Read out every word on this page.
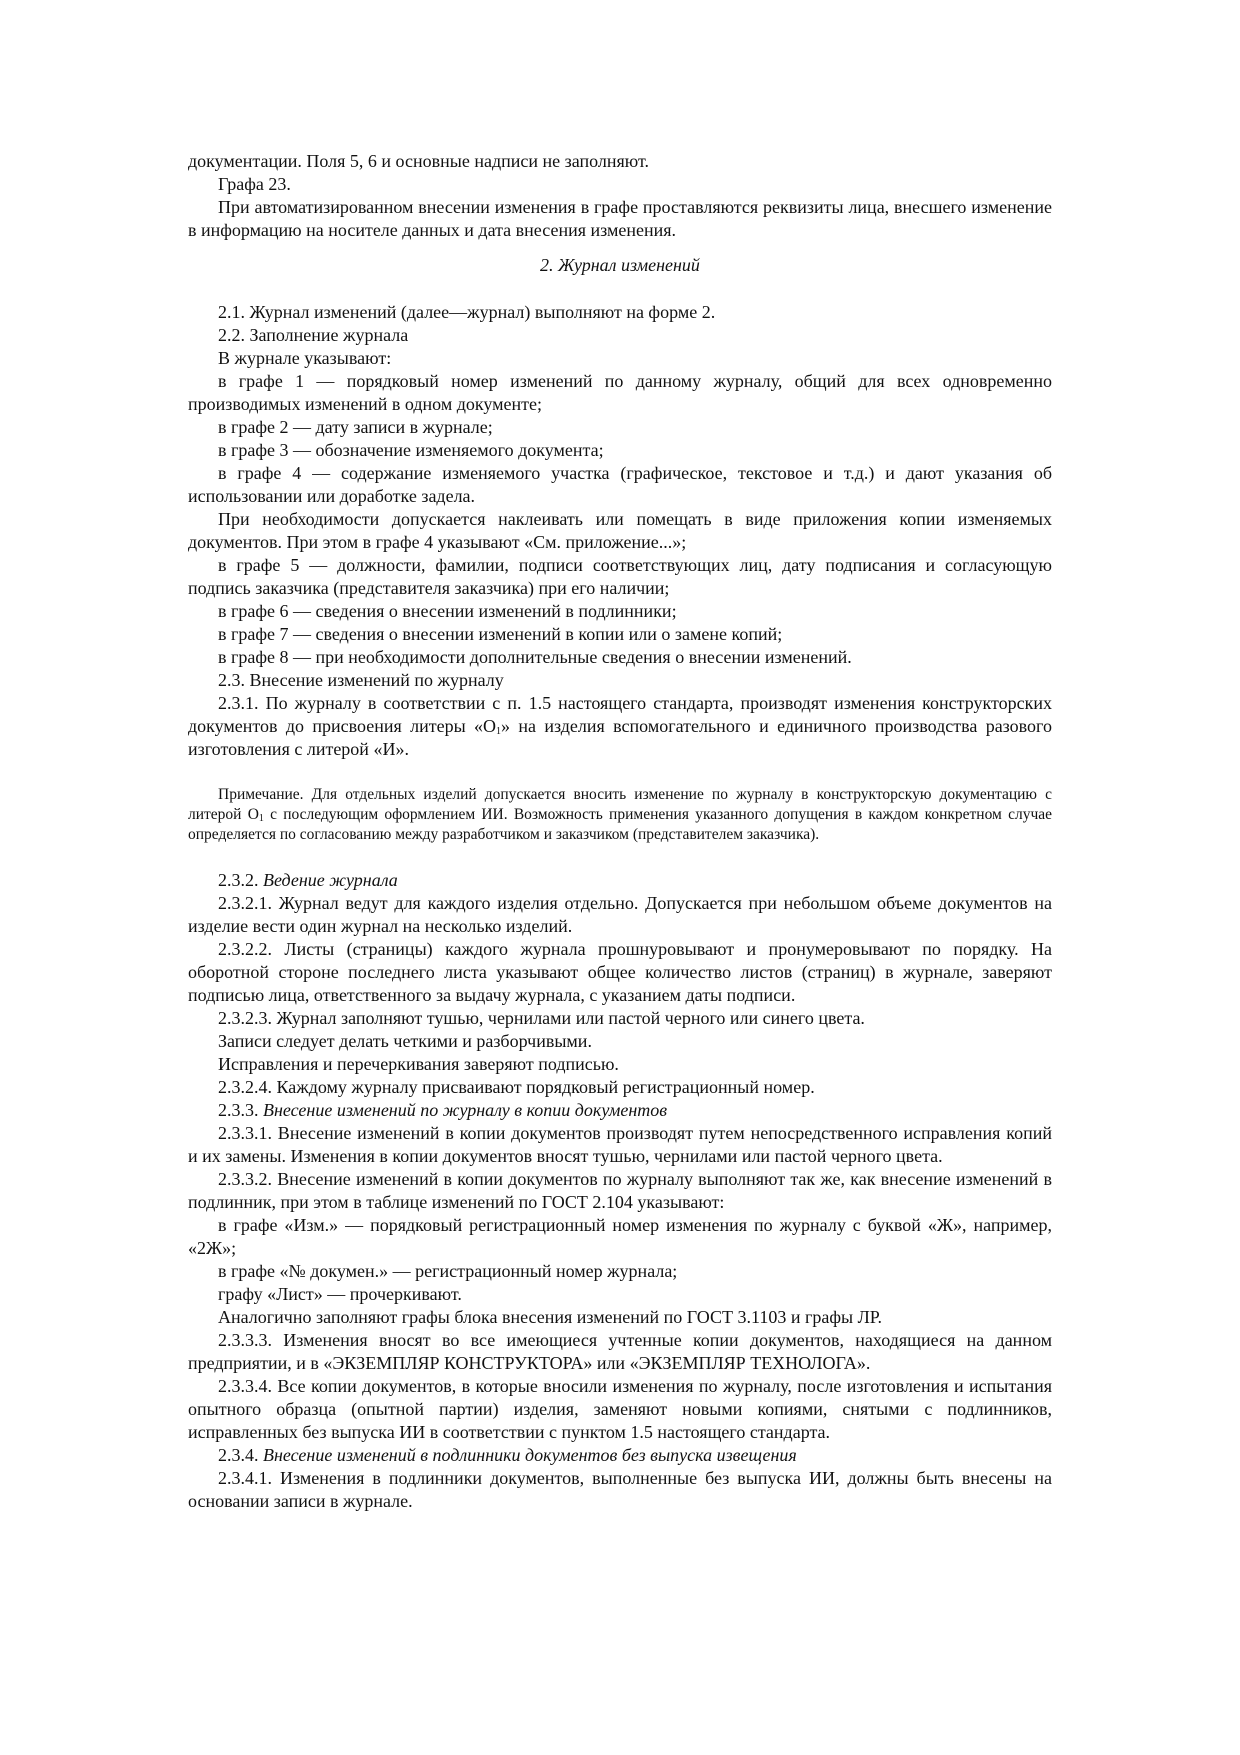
документации. Поля 5, 6 и основные надписи не заполняют.

Графа 23.

При автоматизированном внесении изменения в графе проставляются реквизиты лица, внесшего изменение в информацию на носителе данных и дата внесения изменения.

2. Журнал изменений

2.1. Журнал изменений (далее—журнал) выполняют на форме 2.

2.2. Заполнение журнала

В журнале указывают:

в графе 1 — порядковый номер изменений по данному журналу, общий для всех одновременно производимых изменений в одном документе;

в графе 2 — дату записи в журнале;

в графе 3 — обозначение изменяемого документа;

в графе 4 — содержание изменяемого участка (графическое, текстовое и т.д.) и дают указания об использовании или доработке задела.

При необходимости допускается наклеивать или помещать в виде приложения копии изменяемых документов. При этом в графе 4 указывают «См. приложение...»;

в графе 5 — должности, фамилии, подписи соответствующих лиц, дату подписания и согласующую подпись заказчика (представителя заказчика) при его наличии;

в графе 6 — сведения о внесении изменений в подлинники;

в графе 7 — сведения о внесении изменений в копии или о замене копий;

в графе 8 — при необходимости дополнительные сведения о внесении изменений.

2.3. Внесение изменений по журналу

2.3.1. По журналу в соответствии с п. 1.5 настоящего стандарта, производят изменения конструкторских документов до присвоения литеры «$О_1$» на изделия вспомогательного и единичного производства разового изготовления с литерой «И».

Примечание. Для отдельных изделий допускается вносить изменение по журналу в конструкторскую документацию с литерой $О_1$ с последующим оформлением ИИ. Возможность применения указанного допущения в каждом конкретном случае определяется по согласованию между разработчиком и заказчиком (представителем заказчика).

2.3.2. Ведение журнала

2.3.2.1. Журнал ведут для каждого изделия отдельно. Допускается при небольшом объеме документов на изделие вести один журнал на несколько изделий.

2.3.2.2. Листы (страницы) каждого журнала прошнуровывают и пронумеровывают по порядку. На оборотной стороне последнего листа указывают общее количество листов (страниц) в журнале, заверяют подписью лица, ответственного за выдачу журнала, с указанием даты подписи.

2.3.2.3. Журнал заполняют тушью, чернилами или пастой черного или синего цвета.

Записи следует делать четкими и разборчивыми.

Исправления и перечеркивания заверяют подписью.

2.3.2.4. Каждому журналу присваивают порядковый регистрационный номер.

2.3.3. Внесение изменений по журналу в копии документов

2.3.3.1. Внесение изменений в копии документов производят путем непосредственного исправления копий и их замены. Изменения в копии документов вносят тушью, чернилами или пастой черного цвета.

2.3.3.2. Внесение изменений в копии документов по журналу выполняют так же, как внесение изменений в подлинник, при этом в таблице изменений по ГОСТ 2.104 указывают:

в графе «Изм.» — порядковый регистрационный номер изменения по журналу с буквой «Ж», например, «2Ж»;

в графе «№ докумен.» — регистрационный номер журнала;

графу «Лист» — прочеркивают.

Аналогично заполняют графы блока внесения изменений по ГОСТ 3.1103 и графы ЛР.

2.3.3.3. Изменения вносят во все имеющиеся учтенные копии документов, находящиеся на данном предприятии, и в «ЭКЗЕМПЛЯР КОНСТРУКТОРА» или «ЭКЗЕМПЛЯР ТЕХНОЛОГА».

2.3.3.4. Все копии документов, в которые вносили изменения по журналу, после изготовления и испытания опытного образца (опытной партии) изделия, заменяют новыми копиями, снятыми с подлинников, исправленных без выпуска ИИ в соответствии с пунктом 1.5 настоящего стандарта.

2.3.4. Внесение изменений в подлинники документов без выпуска извещения

2.3.4.1. Изменения в подлинники документов, выполненные без выпуска ИИ, должны быть внесены на основании записи в журнале.
